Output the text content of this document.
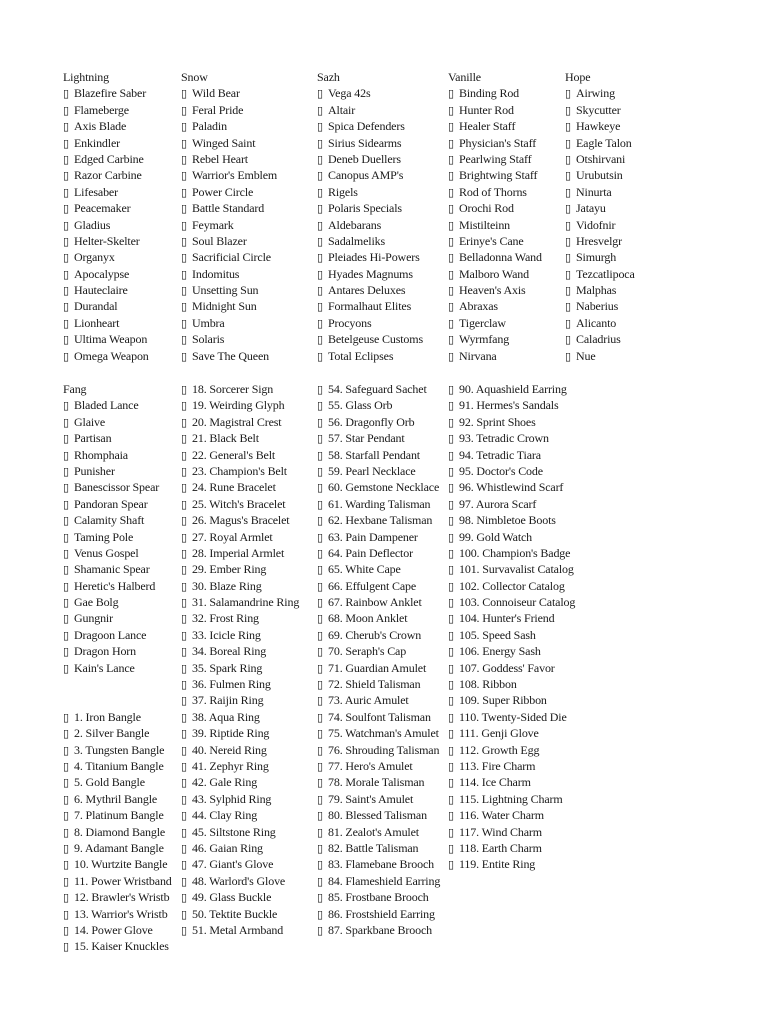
Lightning
▯ Blazefire Saber
▯ Flameberge
▯ Axis Blade
▯ Enkindler
▯ Edged Carbine
▯ Razor Carbine
▯ Lifesaber
▯ Peacemaker
▯ Gladius
▯ Helter-Skelter
▯ Organyx
▯ Apocalypse
▯ Hauteclaire
▯ Durandal
▯ Lionheart
▯ Ultima Weapon
▯ Omega Weapon
Snow
▯ Wild Bear
▯ Feral Pride
▯ Paladin
▯ Winged Saint
▯ Rebel Heart
▯ Warrior's Emblem
▯ Power Circle
▯ Battle Standard
▯ Feymark
▯ Soul Blazer
▯ Sacrificial Circle
▯ Indomitus
▯ Unsetting Sun
▯ Midnight Sun
▯ Umbra
▯ Solaris
▯ Save The Queen
Sazh
▯ Vega 42s
▯ Altair
▯ Spica Defenders
▯ Sirius Sidearms
▯ Deneb Duellers
▯ Canopus AMP's
▯ Rigels
▯ Polaris Specials
▯ Aldebarans
▯ Sadalmeliks
▯ Pleiades Hi-Powers
▯ Hyades Magnums
▯ Antares Deluxes
▯ Formalhaut Elites
▯ Procyons
▯ Betelgeuse Customs
▯ Total Eclipses
Vanille
▯ Binding Rod
▯ Hunter Rod
▯ Healer Staff
▯ Physician's Staff
▯ Pearlwing Staff
▯ Brightwing Staff
▯ Rod of Thorns
▯ Orochi Rod
▯ Mistilteinn
▯ Erinye's Cane
▯ Belladonna Wand
▯ Malboro Wand
▯ Heaven's Axis
▯ Abraxas
▯ Tigerclaw
▯ Wyrmfang
▯ Nirvana
Hope
▯ Airwing
▯ Skycutter
▯ Hawkeye
▯ Eagle Talon
▯ Otshirvani
▯ Urubutsin
▯ Ninurta
▯ Jatayu
▯ Vidofnir
▯ Hresvelgr
▯ Simurgh
▯ Tezcatlipoca
▯ Malphas
▯ Naberius
▯ Alicanto
▯ Caladrius
▯ Nue
Fang
▯ Bladed Lance
▯ Glaive
▯ Partisan
▯ Rhomphaia
▯ Punisher
▯ Banescissor Spear
▯ Pandoran Spear
▯ Calamity Shaft
▯ Taming Pole
▯ Venus Gospel
▯ Shamanic Spear
▯ Heretic's Halberd
▯ Gae Bolg
▯ Gungnir
▯ Dragoon Lance
▯ Dragon Horn
▯ Kain's Lance
▯ 1. Iron Bangle
▯ 2. Silver Bangle
▯ 3. Tungsten Bangle
▯ 4. Titanium Bangle
▯ 5. Gold Bangle
▯ 6. Mythril Bangle
▯ 7. Platinum Bangle
▯ 8. Diamond Bangle
▯ 9. Adamant Bangle
▯ 10. Wurtzite Bangle
▯ 11. Power Wristband
▯ 12. Brawler's Wristb
▯ 13. Warrior's Wristb
▯ 14. Power Glove
▯ 15. Kaiser Knuckles
▯ 18. Sorcerer Sign
▯ 19. Weirding Glyph
▯ 20. Magistral Crest
▯ 21. Black Belt
▯ 22. General's Belt
▯ 23. Champion's Belt
▯ 24. Rune Bracelet
▯ 25. Witch's Bracelet
▯ 26. Magus's Bracelet
▯ 27. Royal Armlet
▯ 28. Imperial Armlet
▯ 29. Ember Ring
▯ 30. Blaze Ring
▯ 31. Salamandrine Ring
▯ 32. Frost Ring
▯ 33. Icicle Ring
▯ 34. Boreal Ring
▯ 35. Spark Ring
▯ 36. Fulmen Ring
▯ 37. Raijin Ring
▯ 38. Aqua Ring
▯ 39. Riptide Ring
▯ 40. Nereid Ring
▯ 41. Zephyr Ring
▯ 42. Gale Ring
▯ 43. Sylphid Ring
▯ 44. Clay Ring
▯ 45. Siltstone Ring
▯ 46. Gaian Ring
▯ 47. Giant's Glove
▯ 48. Warlord's Glove
▯ 49. Glass Buckle
▯ 50. Tektite Buckle
▯ 51. Metal Armband
▯ 54. Safeguard Sachet
▯ 55. Glass Orb
▯ 56. Dragonfly Orb
▯ 57. Star Pendant
▯ 58. Starfall Pendant
▯ 59. Pearl Necklace
▯ 60. Gemstone Necklace
▯ 61. Warding Talisman
▯ 62. Hexbane Talisman
▯ 63. Pain Dampener
▯ 64. Pain Deflector
▯ 65. White Cape
▯ 66. Effulgent Cape
▯ 67. Rainbow Anklet
▯ 68. Moon Anklet
▯ 69. Cherub's Crown
▯ 70. Seraph's Cap
▯ 71. Guardian Amulet
▯ 72. Shield Talisman
▯ 73. Auric Amulet
▯ 74. Soulfont Talisman
▯ 75. Watchman's Amulet
▯ 76. Shrouding Talisman
▯ 77. Hero's Amulet
▯ 78. Morale Talisman
▯ 79. Saint's Amulet
▯ 80. Blessed Talisman
▯ 81. Zealot's Amulet
▯ 82. Battle Talisman
▯ 83. Flamebane Brooch
▯ 84. Flameshield Earring
▯ 85. Frostbane Brooch
▯ 86. Frostshield Earring
▯ 87. Sparkbane Brooch
▯ 90. Aquashield Earring
▯ 91. Hermes's Sandals
▯ 92. Sprint Shoes
▯ 93. Tetradic Crown
▯ 94. Tetradic Tiara
▯ 95. Doctor's Code
▯ 96. Whistlewind Scarf
▯ 97. Aurora Scarf
▯ 98. Nimbletoe Boots
▯ 99. Gold Watch
▯ 100. Champion's Badge
▯ 101. Survavalist Catalog
▯ 102. Collector Catalog
▯ 103. Connoiseur Catalog
▯ 104. Hunter's Friend
▯ 105. Speed Sash
▯ 106. Energy Sash
▯ 107. Goddess' Favor
▯ 108. Ribbon
▯ 109. Super Ribbon
▯ 110. Twenty-Sided Die
▯ 111. Genji Glove
▯ 112. Growth Egg
▯ 113. Fire Charm
▯ 114. Ice Charm
▯ 115. Lightning Charm
▯ 116. Water Charm
▯ 117. Wind Charm
▯ 118. Earth Charm
▯ 119. Entite Ring
